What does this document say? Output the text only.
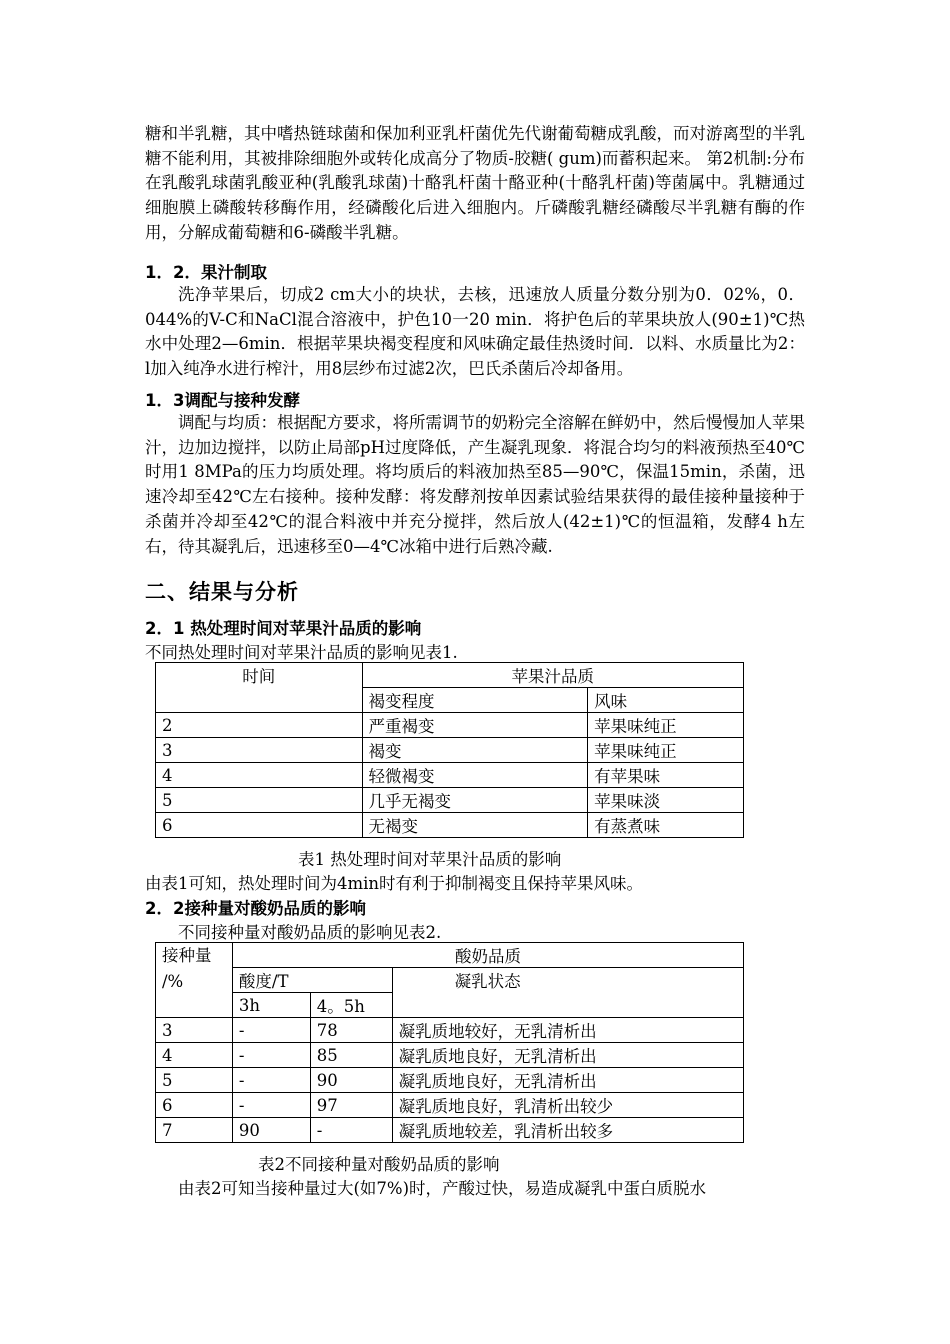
糖和半乳糖，其中嗜热链球菌和保加利亚乳杆菌优先代谢葡萄糖成乳酸，而对游离型的半乳糖不能利用，其被排除细胞外或转化成高分了物质-胶糖( gum)而蓄积起来。 第2机制:分布在乳酸乳球菌乳酸亚种(乳酸乳球菌)十酪乳杆菌十酪亚种(十酪乳杆菌)等菌属中。乳糖通过细胞膜上磷酸转移酶作用，经磷酸化后进入细胞内。斤磷酸乳糖经磷酸尽半乳糖有酶的作用，分解成葡萄糖和6-磷酸半乳糖。

1．2．果汁制取

洗净苹果后，切成2 cm大小的块状，去核，迅速放人质量分数分别为0．02%，0．044%的V-C和NaCl混合溶液中，护色10一20 min．将护色后的苹果块放人(90±1)℃热水中处理2—6min．根据苹果块褐变程度和风味确定最佳热烫时间．以料、水质量比为2：l加入纯净水进行榨汁，用8层纱布过滤2次，巴氏杀菌后冷却备用。

1．3调配与接种发酵

调配与均质：根据配方要求，将所需调节的奶粉完全溶解在鲜奶中，然后慢慢加人苹果汁，边加边搅拌，以防止局部pH过度降低，产生凝乳现象．将混合均匀的料液预热至40℃时用1 8MPa的压力均质处理。将均质后的料液加热至85—90℃，保温15min，杀菌，迅速冷却至42℃左右接种。接种发酵：将发酵剂按单因素试验结果获得的最佳接种量接种于杀菌并冷却至42℃的混合料液中并充分搅拌，然后放人(42±1)℃的恒温箱，发酵4 h左右，待其凝乳后，迅速移至0—4℃冰箱中进行后熟冷藏.

二、结果与分析

2．1 热处理时间对苹果汁品质的影响

不同热处理时间对苹果汁品质的影响见表1.

时间	苹果汁品质	
	褐变程度	风味
2	严重褐变	苹果味纯正
3	褐变	苹果味纯正
4	轻微褐变	有苹果味
5	几乎无褐变	苹果味淡
6	无褐变	有蒸煮味

表1 热处理时间对苹果汁品质的影响

由表1可知，热处理时间为4min时有利于抑制褐变且保持苹果风味。

2．2接种量对酸奶品质的影响

不同接种量对酸奶品质的影响见表2.

接种量
/%	酸奶品质		
	酸度/T		凝乳状态
	3h	4。5h	
3	-	78	凝乳质地较好，无乳清析出
4	-	85	凝乳质地良好，无乳清析出
5	-	90	凝乳质地良好，无乳清析出
6	-	97	凝乳质地良好，乳清析出较少
7	90	-	凝乳质地较差，乳清析出较多

表2不同接种量对酸奶品质的影响

由表2可知当接种量过大(如7%)时，产酸过快，易造成凝乳中蛋白质脱水
